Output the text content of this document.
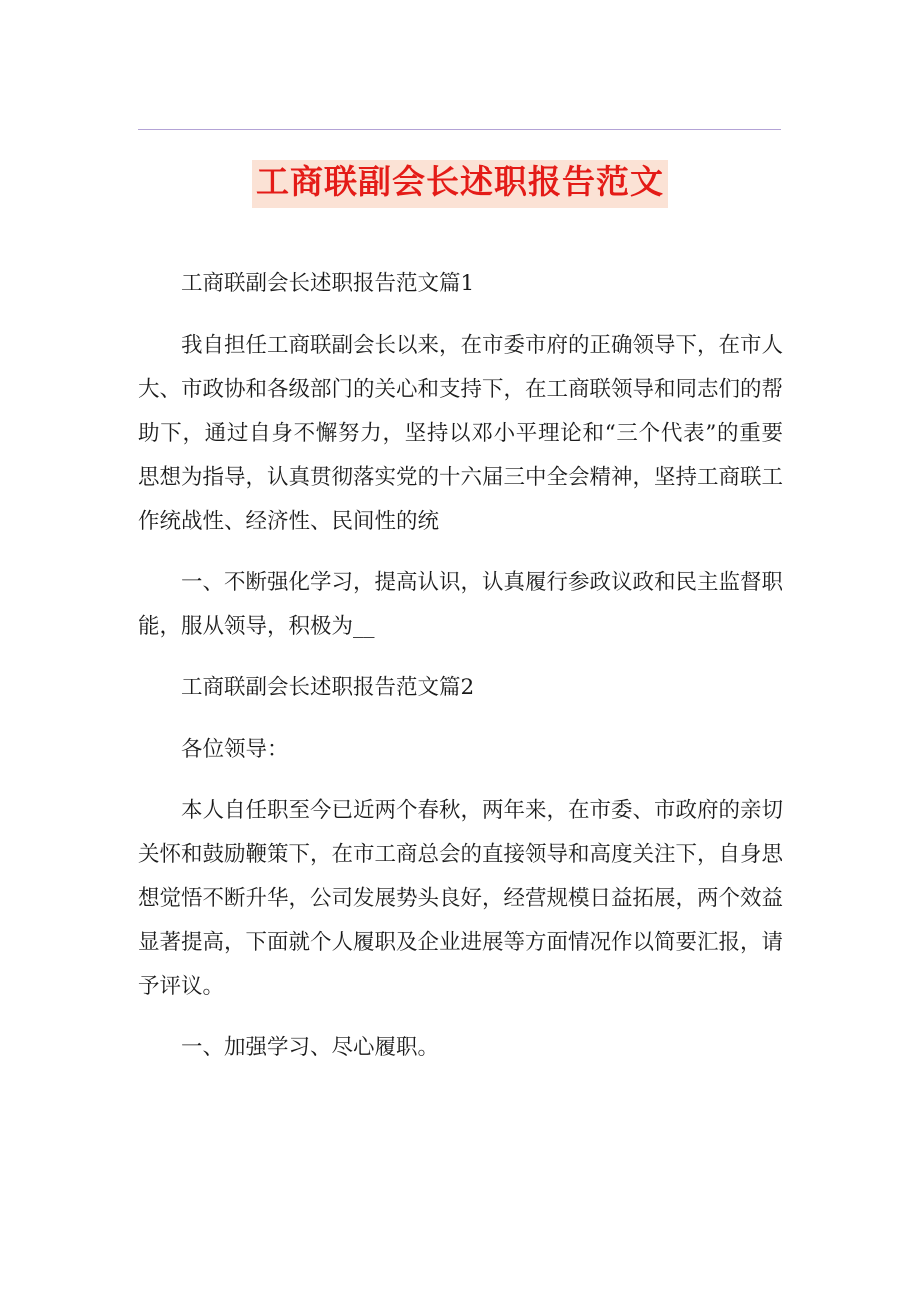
工商联副会长述职报告范文

工商联副会长述职报告范文篇1

我自担任工商联副会长以来，在市委市府的正确领导下，在市人大、市政协和各级部门的关心和支持下，在工商联领导和同志们的帮助下，通过自身不懈努力，坚持以邓小平理论和“三个代表”的重要思想为指导，认真贯彻落实党的十六届三中全会精神，坚持工商联工作统战性、经济性、民间性的统

一、不断强化学习，提高认识，认真履行参政议政和民主监督职能，服从领导，积极为__

工商联副会长述职报告范文篇2

各位领导：

本人自任职至今已近两个春秋，两年来，在市委、市政府的亲切关怀和鼓励鞭策下，在市工商总会的直接领导和高度关注下，自身思想觉悟不断升华，公司发展势头良好，经营规模日益拓展，两个效益显著提高，下面就个人履职及企业进展等方面情况作以简要汇报，请予评议。

一、加强学习、尽心履职。
